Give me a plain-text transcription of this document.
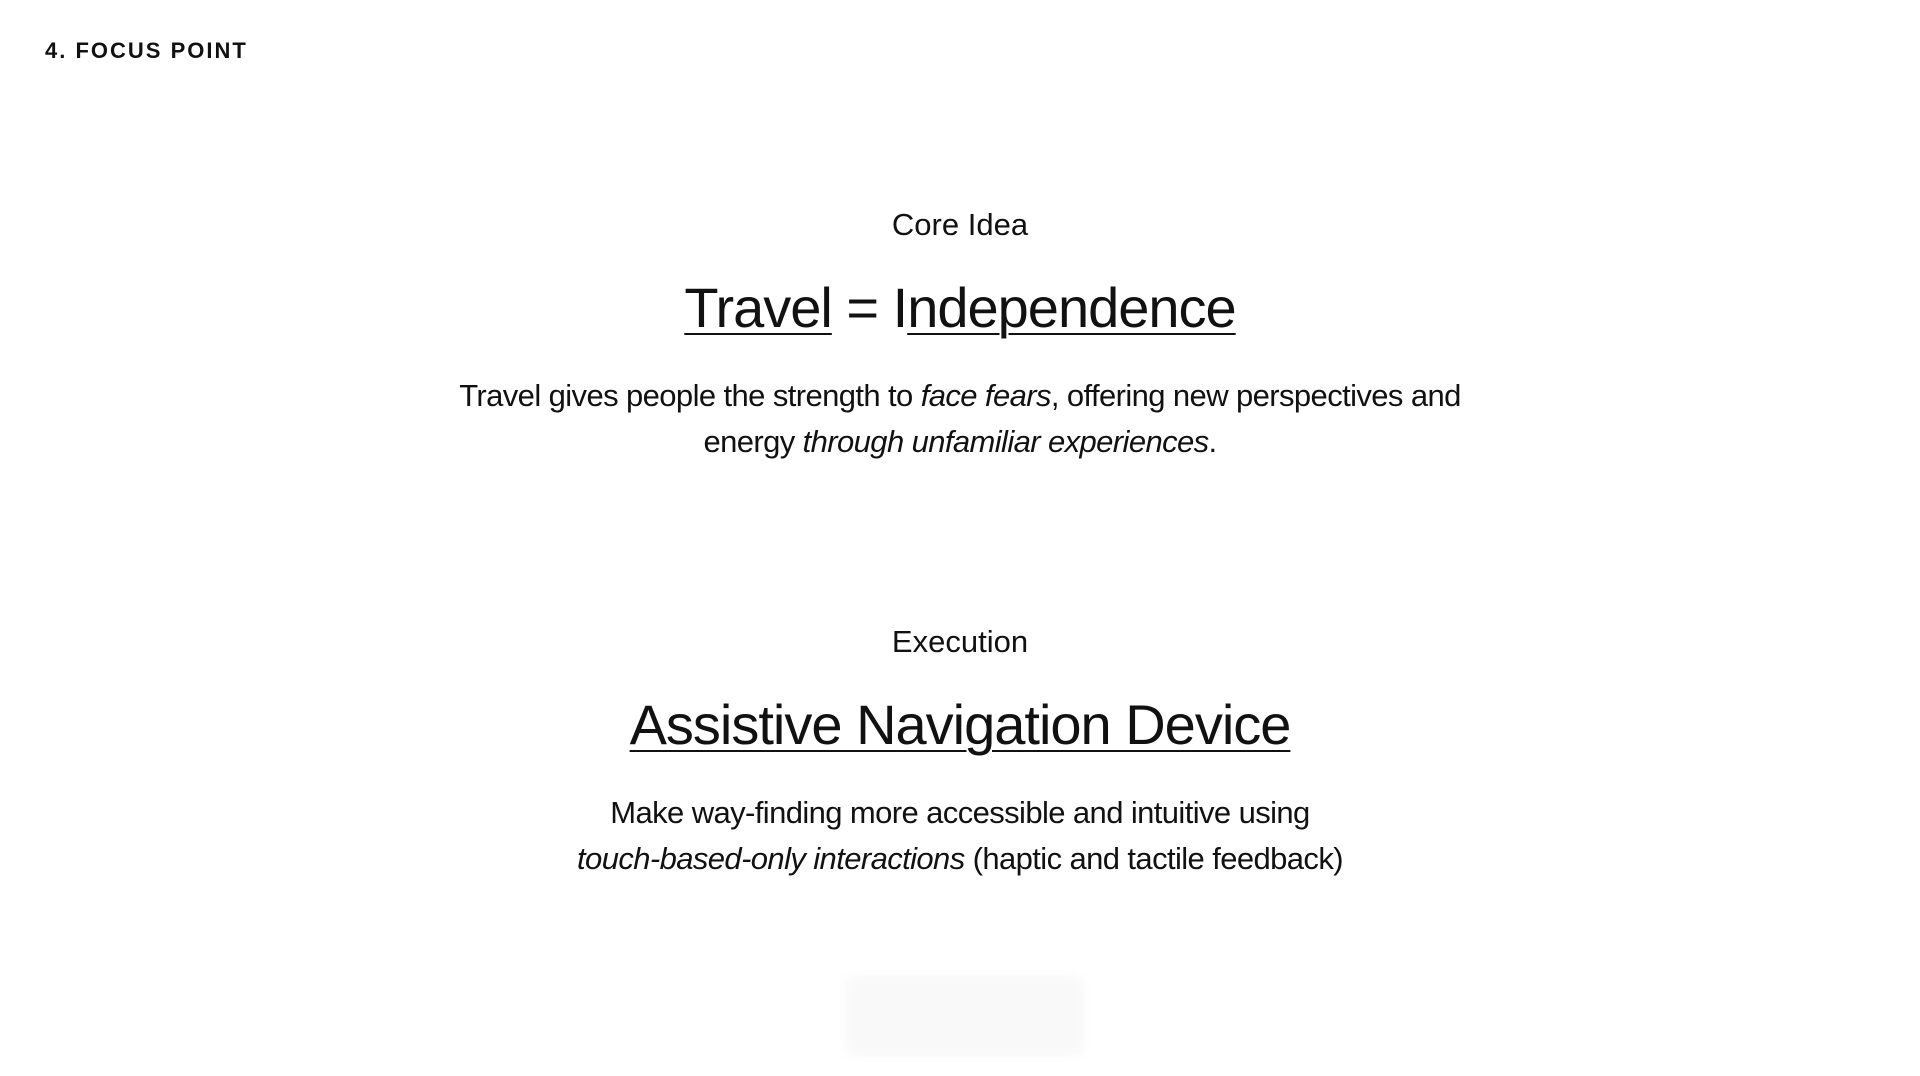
4. FOCUS POINT

Core Idea

Travel = Independence

Travel gives people the strength to face fears, offering new perspectives and
energy through unfamiliar experiences.

Execution

Assistive Navigation Device

Make way-finding more accessible and intuitive using
touch-based-only interactions (haptic and tactile feedback)
